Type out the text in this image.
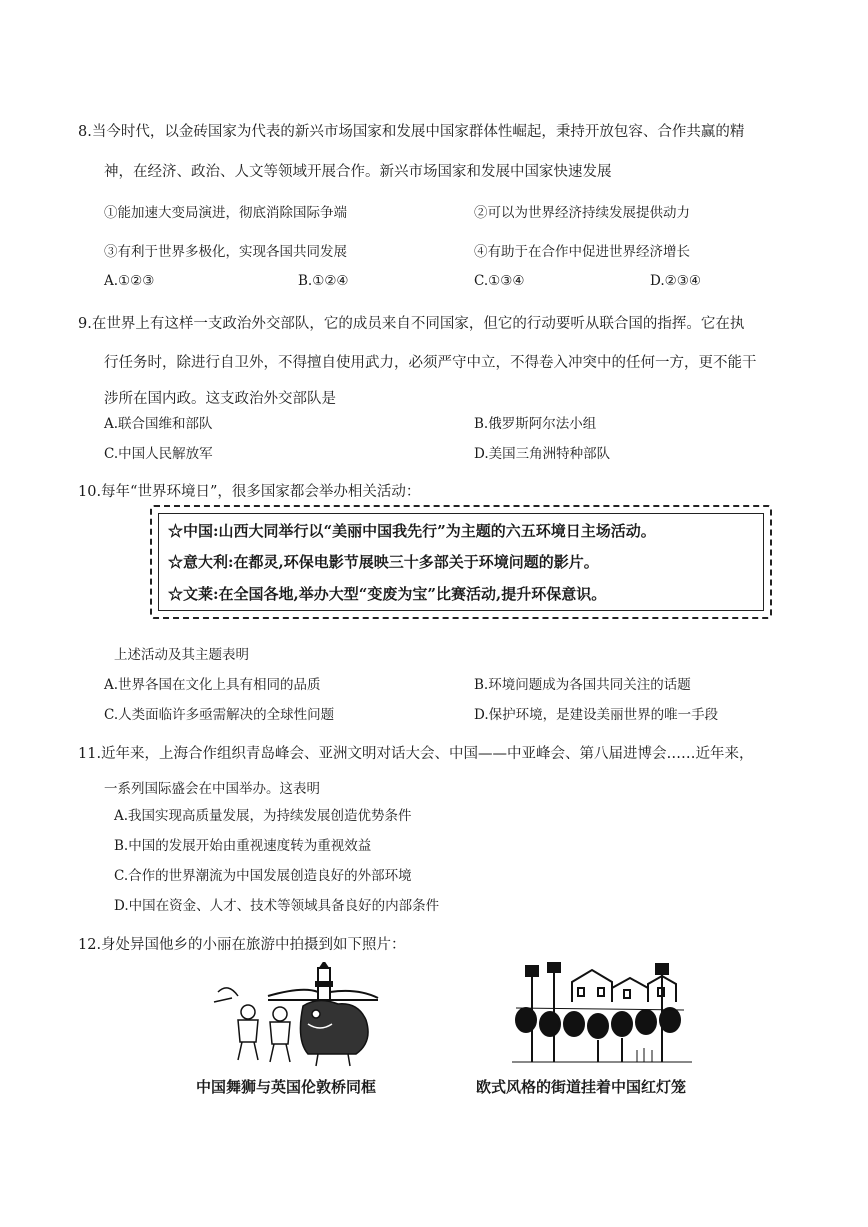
8.当今时代，以金砖国家为代表的新兴市场国家和发展中国家群体性崛起，秉持开放包容、合作共赢的精
神，在经济、政治、人文等领域开展合作。新兴市场国家和发展中国家快速发展
①能加速大变局演进，彻底消除国际争端	②可以为世界经济持续发展提供动力
③有利于世界多极化，实现各国共同发展	④有助于在合作中促进世界经济增长
A.①②③	B.①②④	C.①③④	D.②③④
9.在世界上有这样一支政治外交部队，它的成员来自不同国家，但它的行动要听从联合国的指挥。它在执
行任务时，除进行自卫外，不得擅自使用武力，必须严守中立，不得卷入冲突中的任何一方，更不能干
涉所在国内政。这支政治外交部队是
A.联合国维和部队	B.俄罗斯阿尔法小组
C.中国人民解放军	D.美国三角洲特种部队
10.每年“世界环境日”，很多国家都会举办相关活动：
☆中国:山西大同举行以“美丽中国我先行”为主题的六五环境日主场活动。
☆意大利:在都灵,环保电影节展映三十多部关于环境问题的影片。
☆文莱:在全国各地,举办大型“变废为宝”比赛活动,提升环保意识。
上述活动及其主题表明
A.世界各国在文化上具有相同的品质	B.环境问题成为各国共同关注的话题
C.人类面临许多亟需解决的全球性问题	D.保护环境，是建设美丽世界的唯一手段
11.近年来，上海合作组织青岛峰会、亚洲文明对话大会、中国——中亚峰会、第八届进博会……近年来，
一系列国际盛会在中国举办。这表明
A.我国实现高质量发展，为持续发展创造优势条件
B.中国的发展开始由重视速度转为重视效益
C.合作的世界潮流为中国发展创造良好的外部环境
D.中国在资金、人才、技术等领域具备良好的内部条件
12.身处异国他乡的小丽在旅游中拍摄到如下照片：
中国舞狮与英国伦敦桥同框	欧式风格的街道挂着中国红灯笼
